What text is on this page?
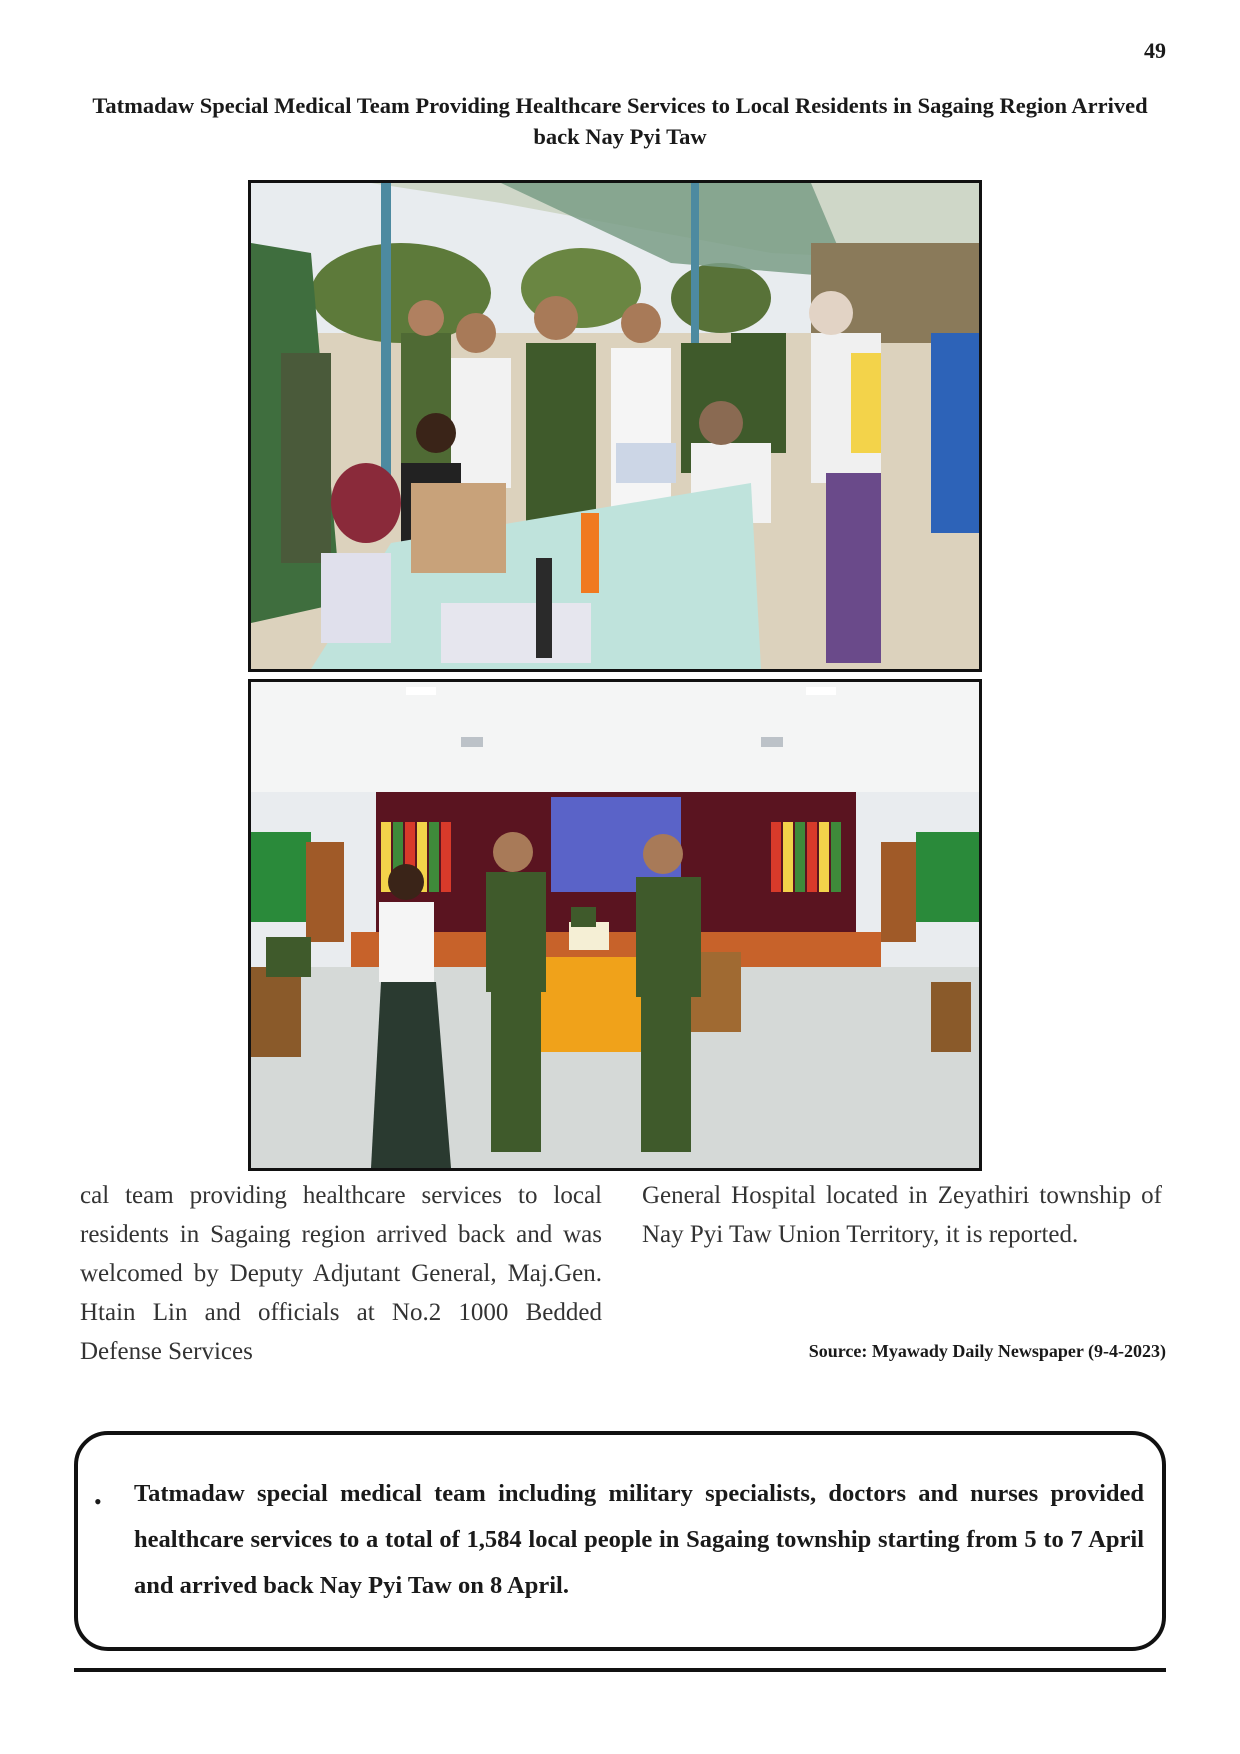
49
Tatmadaw Special Medical Team Providing Healthcare Services to Local Residents in Sagaing Region Arrived back Nay Pyi Taw
cal team providing healthcare services to local residents in Sagaing region arrived back and was welcomed by Deputy Adjutant General, Maj.Gen. Htain Lin and officials at No.2 1000 Bedded Defense Services
General Hospital located in Zeyathiri township of Nay Pyi Taw Union Territory, it is reported.
Source: Myawady Daily Newspaper (9-4-2023)
• Tatmadaw special medical team including military specialists, doctors and nurses provided healthcare services to a total of 1,584 local people in Sagaing township starting from 5 to 7 April and arrived back Nay Pyi Taw on 8 April.
